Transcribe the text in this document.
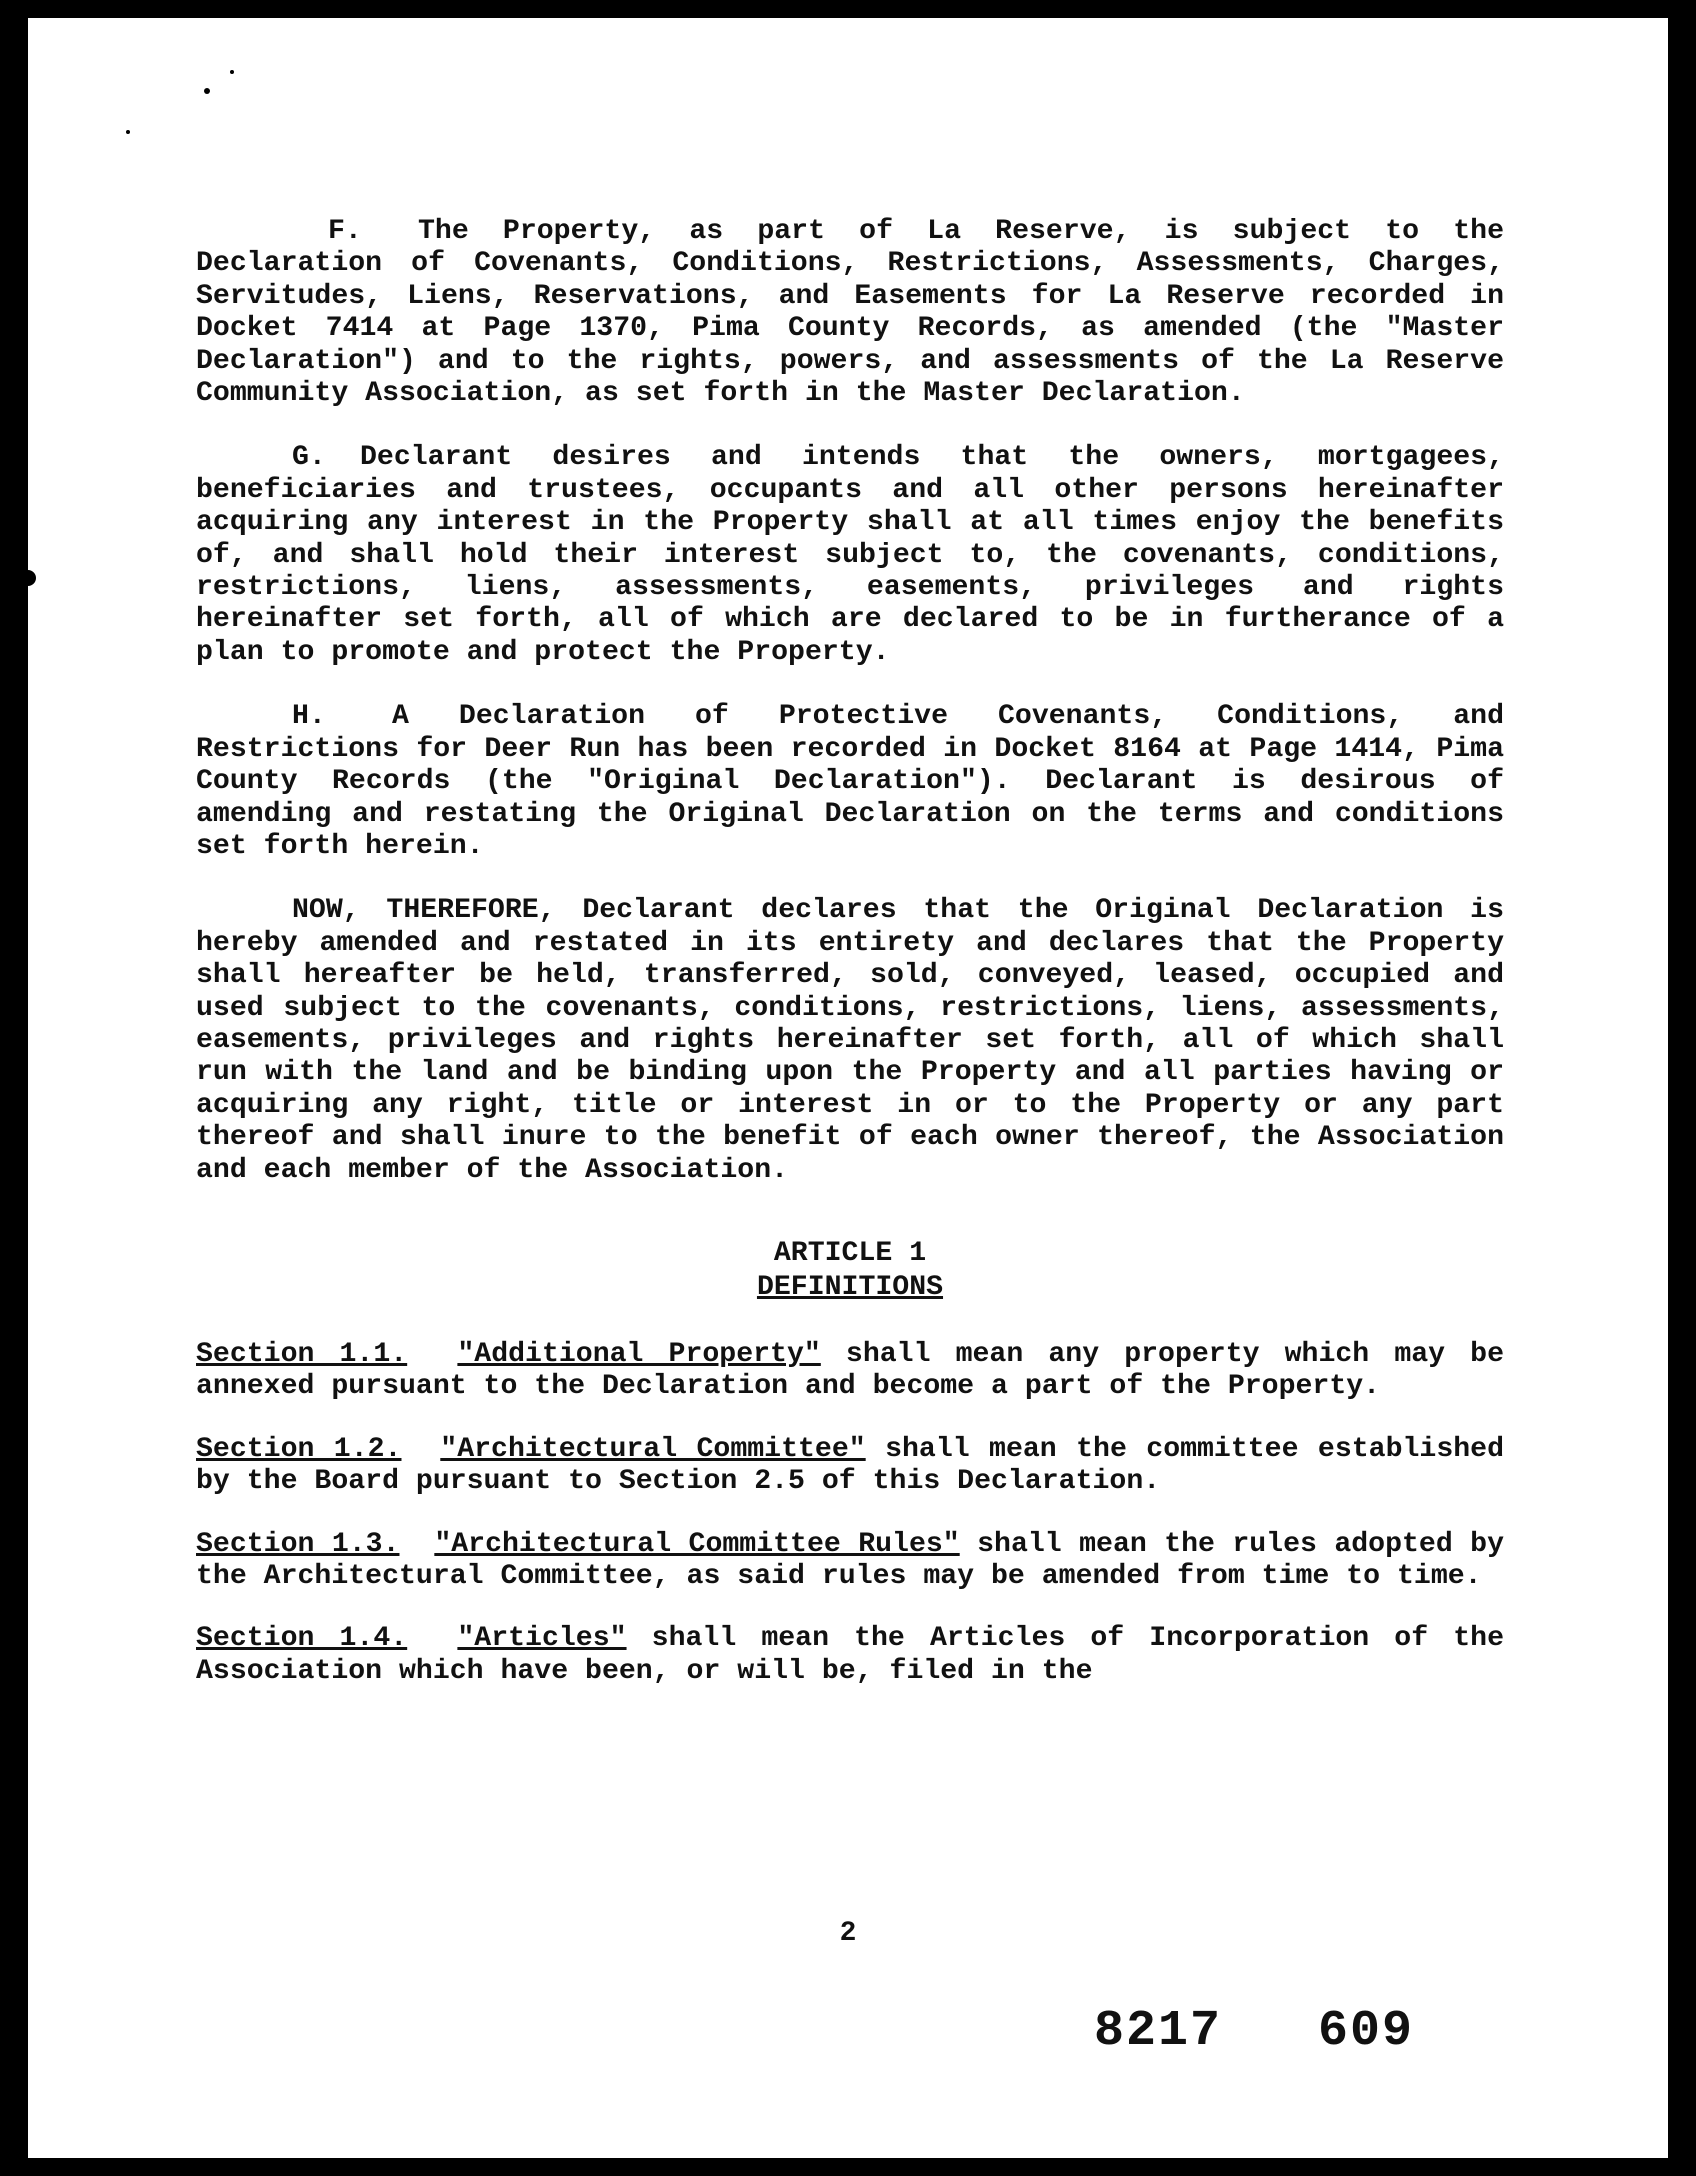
F. The Property, as part of La Reserve, is subject to the Declaration of Covenants, Conditions, Restrictions, Assessments, Charges, Servitudes, Liens, Reservations, and Easements for La Reserve recorded in Docket 7414 at Page 1370, Pima County Records, as amended (the "Master Declaration") and to the rights, powers, and assessments of the La Reserve Community Association, as set forth in the Master Declaration.

G. Declarant desires and intends that the owners, mortgagees, beneficiaries and trustees, occupants and all other persons hereinafter acquiring any interest in the Property shall at all times enjoy the benefits of, and shall hold their interest subject to, the covenants, conditions, restrictions, liens, assessments, easements, privileges and rights hereinafter set forth, all of which are declared to be in furtherance of a plan to promote and protect the Property.

H. A Declaration of Protective Covenants, Conditions, and Restrictions for Deer Run has been recorded in Docket 8164 at Page 1414, Pima County Records (the "Original Declaration"). Declarant is desirous of amending and restating the Original Declaration on the terms and conditions set forth herein.

NOW, THEREFORE, Declarant declares that the Original Declaration is hereby amended and restated in its entirety and declares that the Property shall hereafter be held, transferred, sold, conveyed, leased, occupied and used subject to the covenants, conditions, restrictions, liens, assessments, easements, privileges and rights hereinafter set forth, all of which shall run with the land and be binding upon the Property and all parties having or acquiring any right, title or interest in or to the Property or any part thereof and shall inure to the benefit of each owner thereof, the Association and each member of the Association.

ARTICLE 1
DEFINITIONS

Section 1.1. "Additional Property" shall mean any property which may be annexed pursuant to the Declaration and become a part of the Property.

Section 1.2. "Architectural Committee" shall mean the committee established by the Board pursuant to Section 2.5 of this Declaration.

Section 1.3. "Architectural Committee Rules" shall mean the rules adopted by the Architectural Committee, as said rules may be amended from time to time.

Section 1.4. "Articles" shall mean the Articles of Incorporation of the Association which have been, or will be, filed in the

2
8217   609
